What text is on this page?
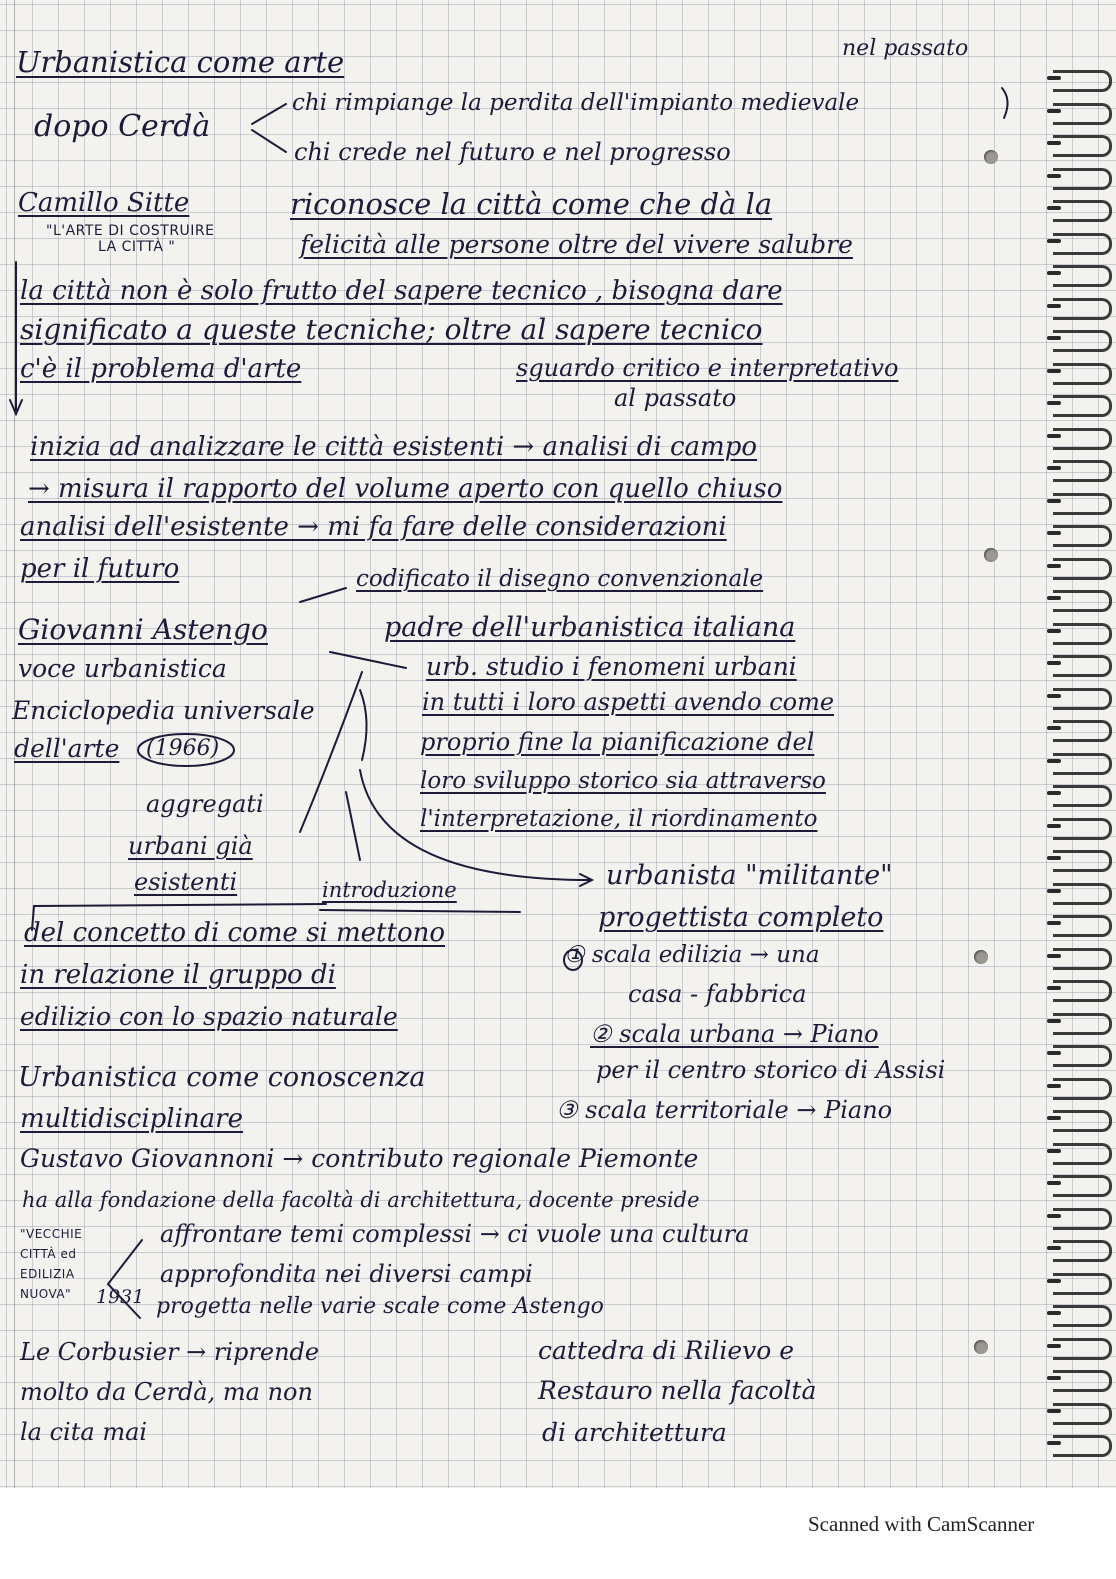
Urbanistica come arte	nel passato
dopo Cerdà
chi rimpiange la perdita dell'impianto medievale
chi crede nel futuro e nel progresso
Camillo Sitte	riconosce la città come che dà la
"L'ARTE DI COSTRUIRE
LA CITTÀ "	felicità alle persone oltre del vivere salubre
la città non è solo frutto del sapere tecnico , bisogna dare
significato a queste tecniche; oltre al sapere tecnico
c'è il problema d'arte	sguardo critico e interpretativo
al passato
inizia ad analizzare le città esistenti → analisi di campo
→ misura il rapporto del volume aperto con quello chiuso
analisi dell'esistente → mi fa fare delle considerazioni
per il futuro	codificato il disegno convenzionale
Giovanni Astengo	padre dell'urbanistica italiana
voce urbanistica	urb. studio i fenomeni urbani
Enciclopedia universale	in tutti i loro aspetti avendo come
dell'arte (1966)	proprio fine la pianificazione del
loro sviluppo storico sia attraverso
aggregati
l'interpretazione, il riordinamento
urbani già
esistenti	urbanista "militante"
introduzione
progettista completo
del concetto di come si mettono
in relazione il gruppo di
① scala edilizia → una
casa - fabbrica
edilizio con lo spazio naturale
② scala urbana → Piano
Urbanistica come conoscenza	per il centro storico di Assisi
multidisciplinare	③ scala territoriale → Piano
Gustavo Giovannoni → contributo regionale Piemonte
ha alla fondazione della facoltà di architettura, docente preside
"VECCHIE	affrontare temi complessi → ci vuole una cultura
CITTÀ ed
EDILIZIA	approfondita nei diversi campi
NUOVA" 1931 progetta nelle varie scale come Astengo
Le Corbusier → riprende	cattedra di Rilievo e
molto da Cerdà, ma non	Restauro nella facoltà
la cita mai	di architettura
Scanned with CamScanner
